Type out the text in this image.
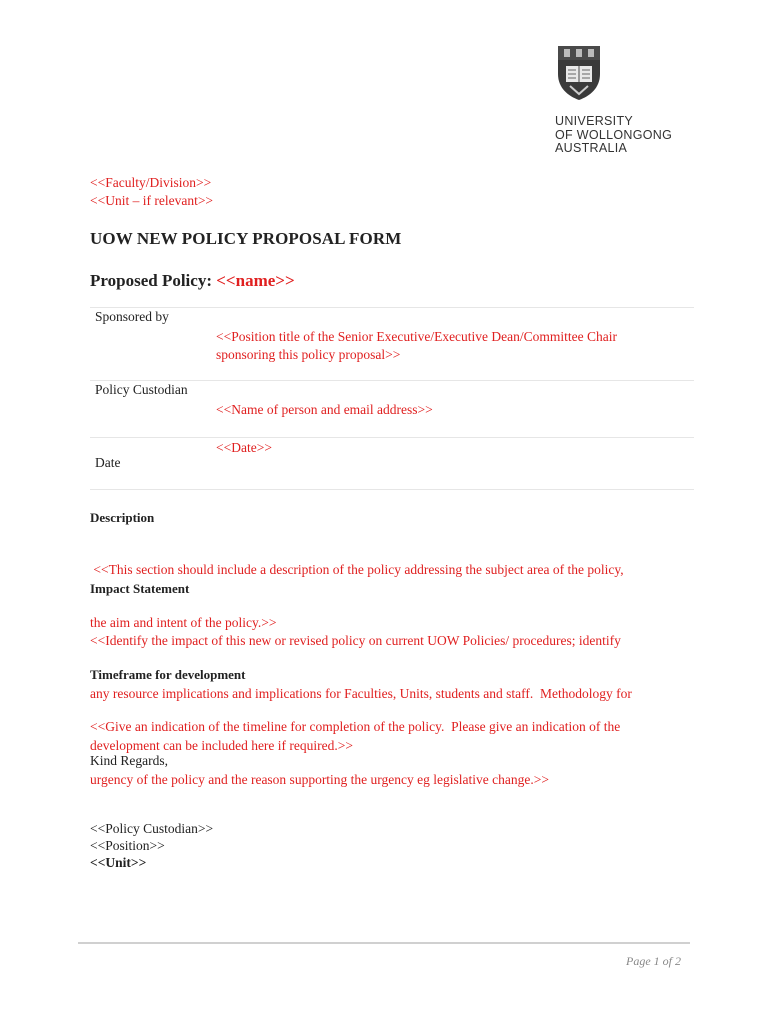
UNIVERSITY
OF WOLLONGONG
AUSTRALIA
<<Faculty/Division>>
<<Unit – if relevant>>
UOW NEW POLICY PROPOSAL FORM
Proposed Policy: <<name>>
Sponsored by
<<Position title of the Senior Executive/Executive Dean/Committee Chair
sponsoring this policy proposal>>
Policy Custodian
<<Name of person and email address>>
<<Date>>
Date
Description

<<This section should include a description of the policy addressing the subject area of the policy,

the aim and intent of the policy.>>

Impact Statement

<<Identify the impact of this new or revised policy on current UOW Policies/ procedures; identify

any resource implications and implications for Faculties, Units, students and staff.  Methodology for

development can be included here if required.>>

Timeframe for development

<<Give an indication of the timeline for completion of the policy.  Please give an indication of the

urgency of the policy and the reason supporting the urgency eg legislative change.>>

Kind Regards,
<<Policy Custodian>>
<<Position>>
<<Unit>>
Page 1 of 2
